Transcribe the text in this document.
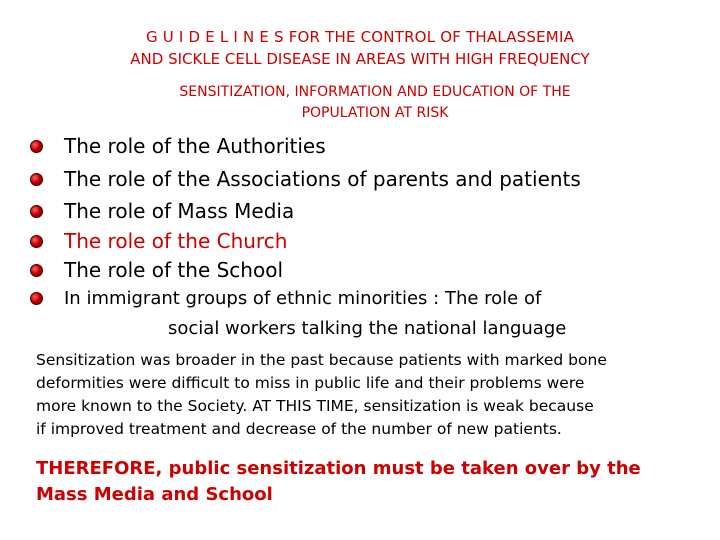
G U I D E L I N E S FOR THE CONTROL OF THALASSEMIA
AND SICKLE CELL DISEASE IN AREAS WITH HIGH FREQUENCY
SENSITIZATION, INFORMATION AND EDUCATION OF THE
POPULATION AT RISK
The role of the Authorities
The role of the Associations of parents and patients
The role of Mass Media
The role of the Church
The role of the School
In immigrant groups of ethnic minorities : The role of
social workers talking the national language
Sensitization was broader in the past because patients with marked bone
deformities were difficult to miss in public life and their problems were
more known to the Society. AT THIS TIME, sensitization is weak because
if improved treatment and decrease of the number of new patients.
THEREFORE, public sensitization must be taken over by the
Mass Media and School
